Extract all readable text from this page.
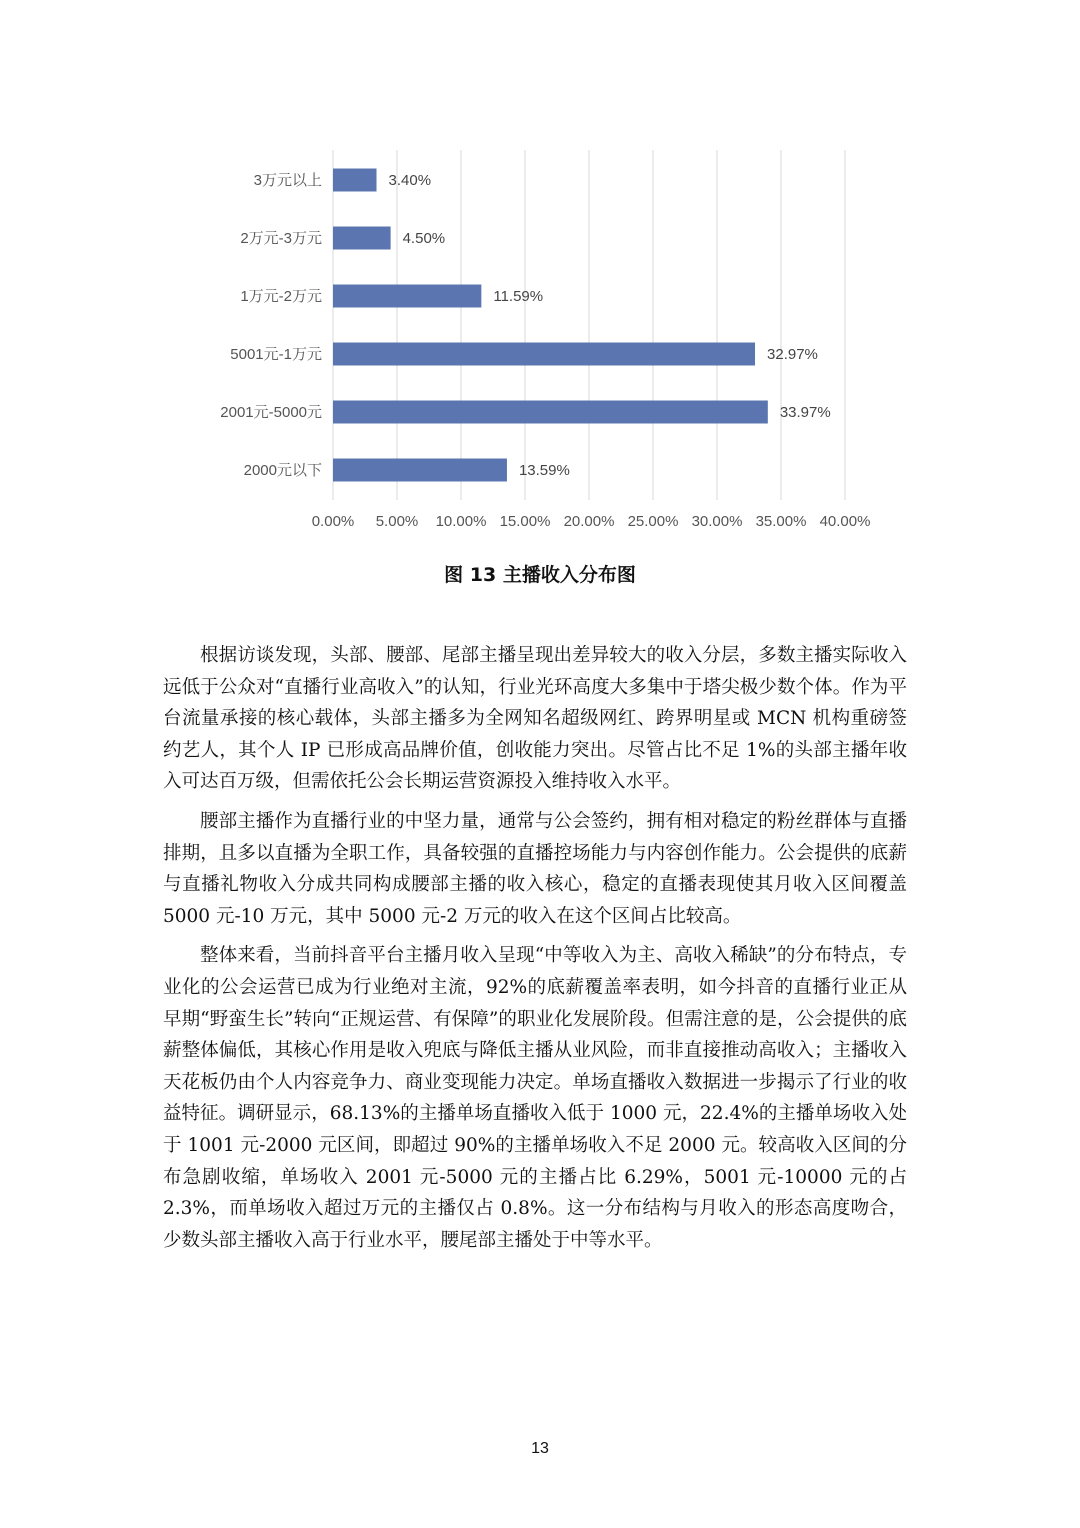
0.00% 5.00% 10.00% 15.00% 20.00% 25.00% 30.00% 35.00% 40.00%
3万元以上	3.40%
2万元-3万元	4.50%
1万元-2万元	11.59%
5001元-1万元	32.97%
2001元-5000元	33.97%
2000元以下	13.59%
图 13 主播收入分布图

根据访谈发现，头部、腰部、尾部主播呈现出差异较大的收入分层，多数主播实际收入远低于公众对“直播行业高收入”的认知，行业光环高度大多集中于塔尖极少数个体。作为平台流量承接的核心载体，头部主播多为全网知名超级网红、跨界明星或 MCN 机构重磅签约艺人，其个人 IP 已形成高品牌价值，创收能力突出。尽管占比不足 1%的头部主播年收入可达百万级，但需依托公会长期运营资源投入维持收入水平。

腰部主播作为直播行业的中坚力量，通常与公会签约，拥有相对稳定的粉丝群体与直播排期，且多以直播为全职工作，具备较强的直播控场能力与内容创作能力。公会提供的底薪与直播礼物收入分成共同构成腰部主播的收入核心，稳定的直播表现使其月收入区间覆盖 5000 元-10 万元，其中 5000 元-2 万元的收入在这个区间占比较高。

整体来看，当前抖音平台主播月收入呈现“中等收入为主、高收入稀缺”的分布特点，专业化的公会运营已成为行业绝对主流，92%的底薪覆盖率表明，如今抖音的直播行业正从早期“野蛮生长”转向“正规运营、有保障”的职业化发展阶段。但需注意的是，公会提供的底薪整体偏低，其核心作用是收入兜底与降低主播从业风险，而非直接推动高收入；主播收入天花板仍由个人内容竞争力、商业变现能力决定。单场直播收入数据进一步揭示了行业的收益特征。调研显示，68.13%的主播单场直播收入低于 1000 元，22.4%的主播单场收入处于 1001 元-2000 元区间，即超过 90%的主播单场收入不足 2000 元。较高收入区间的分布急剧收缩，单场收入 2001 元-5000 元的主播占比 6.29%，5001 元-10000 元的占 2.3%，而单场收入超过万元的主播仅占 0.8%。这一分布结构与月收入的形态高度吻合，少数头部主播收入高于行业水平，腰尾部主播处于中等水平。

13
